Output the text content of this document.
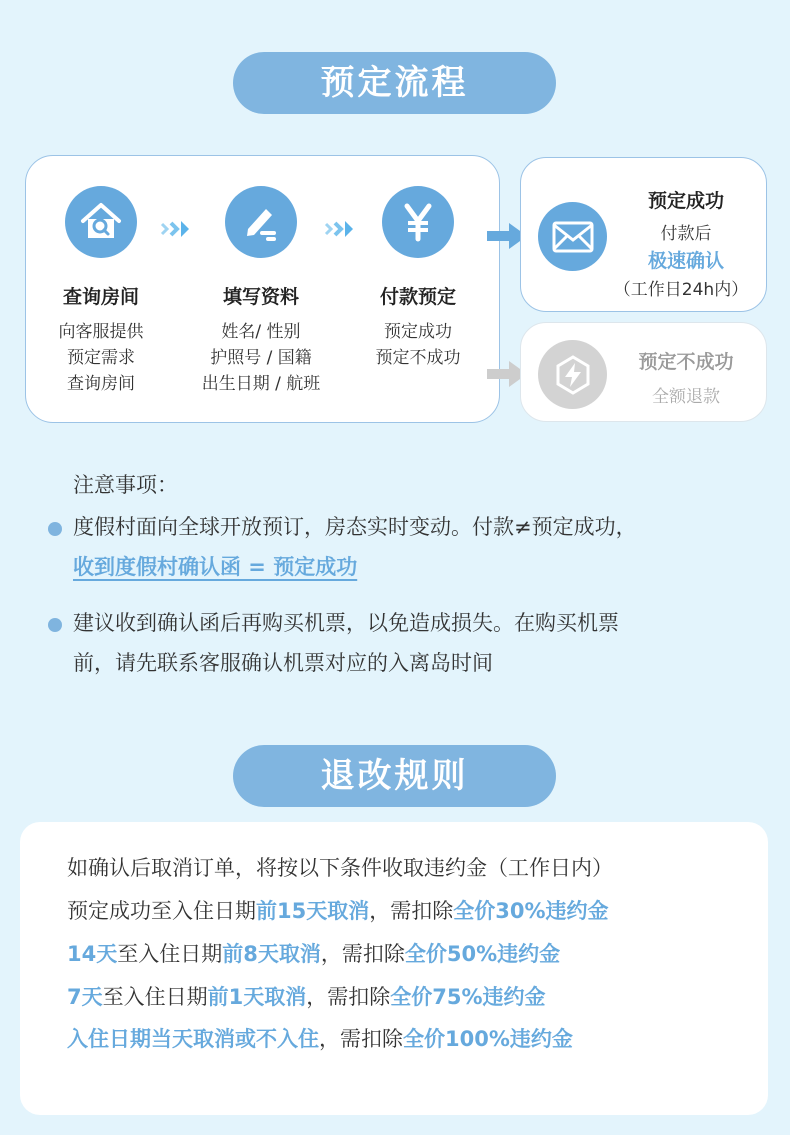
预定流程
查询房间
向客服提供
预定需求
查询房间
填写资料
姓名/ 性别
护照号 / 国籍
出生日期 / 航班
付款预定
预定成功
预定不成功
预定成功
付款后
极速确认
（工作日24h内）
预定不成功
全额退款
注意事项：
度假村面向全球开放预订，房态实时变动。付款≠预定成功，
收到度假村确认函 = 预定成功
建议收到确认函后再购买机票，以免造成损失。在购买机票
前，请先联系客服确认机票对应的入离岛时间
退改规则
如确认后取消订单，将按以下条件收取违约金（工作日内）
预定成功至入住日期前15天取消，需扣除全价30%违约金
14天至入住日期前8天取消，需扣除全价50%违约金
7天至入住日期前1天取消，需扣除全价75%违约金
入住日期当天取消或不入住，需扣除全价100%违约金
